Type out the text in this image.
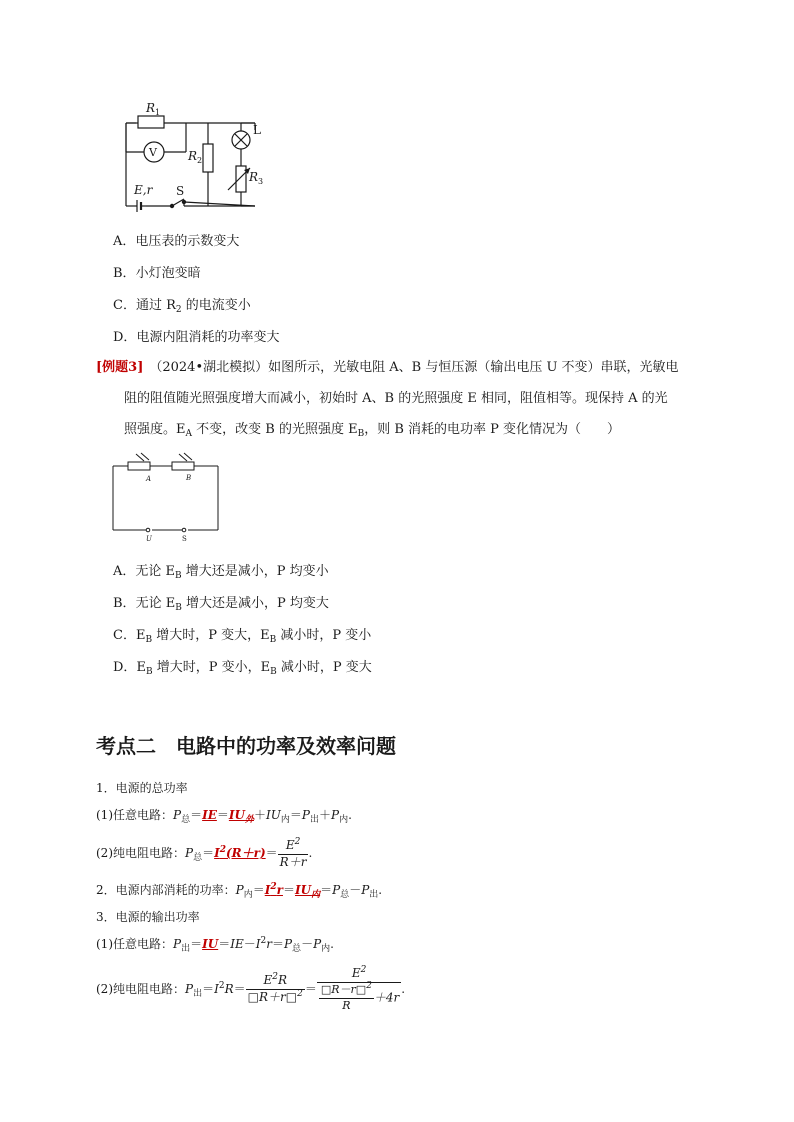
$R_1$
V	$R_2$
L
$R_3$
E,r S
A．电压表的示数变大
B．小灯泡变暗
C．通过 $R_2$ 的电流变小
D．电源内阻消耗的功率变大
[例题3] （2024•湖北模拟）如图所示，光敏电阻 A、B 与恒压源（输出电压 U 不变）串联，光敏电
阻的阻值随光照强度增大而减小，初始时 A、B 的光照强度 E 相同，阻值相等。现保持 A 的光
照强度。$E_A$ 不变，改变 B 的光照强度 $E_B$，则 B 消耗的电功率 P 变化情况为（　　）
A	B
U	S
A．无论 $E_B$ 增大还是减小，P 均变小
B．无论 $E_B$ 增大还是减小，P 均变大
C．$E_B$ 增大时，P 变大，$E_B$ 减小时，P 变小
D．$E_B$ 增大时，P 变小，$E_B$ 减小时，P 变大
考点二　电路中的功率及效率问题
1．电源的总功率
(1)任意电路：$P_总=IE=IU_外+IU_内=P_出+P_内$.
(2)纯电阻电路：$P_总=I^2(R+r)= \frac{E^2}{R+r}$ .
2．电源内部消耗的功率：$P_内=I^2r=IU_内=P_总-P_出$.
3．电源的输出功率
(1)任意电路：$P_出=IU=IE-I^2r=P_总-P_内$.
(2)纯电阻电路：$P_出=I^2R= \frac{E^2R}{□R+r□^2} = \frac{E^2}{\frac{□R-r□^2}{R} +4r}$ .
